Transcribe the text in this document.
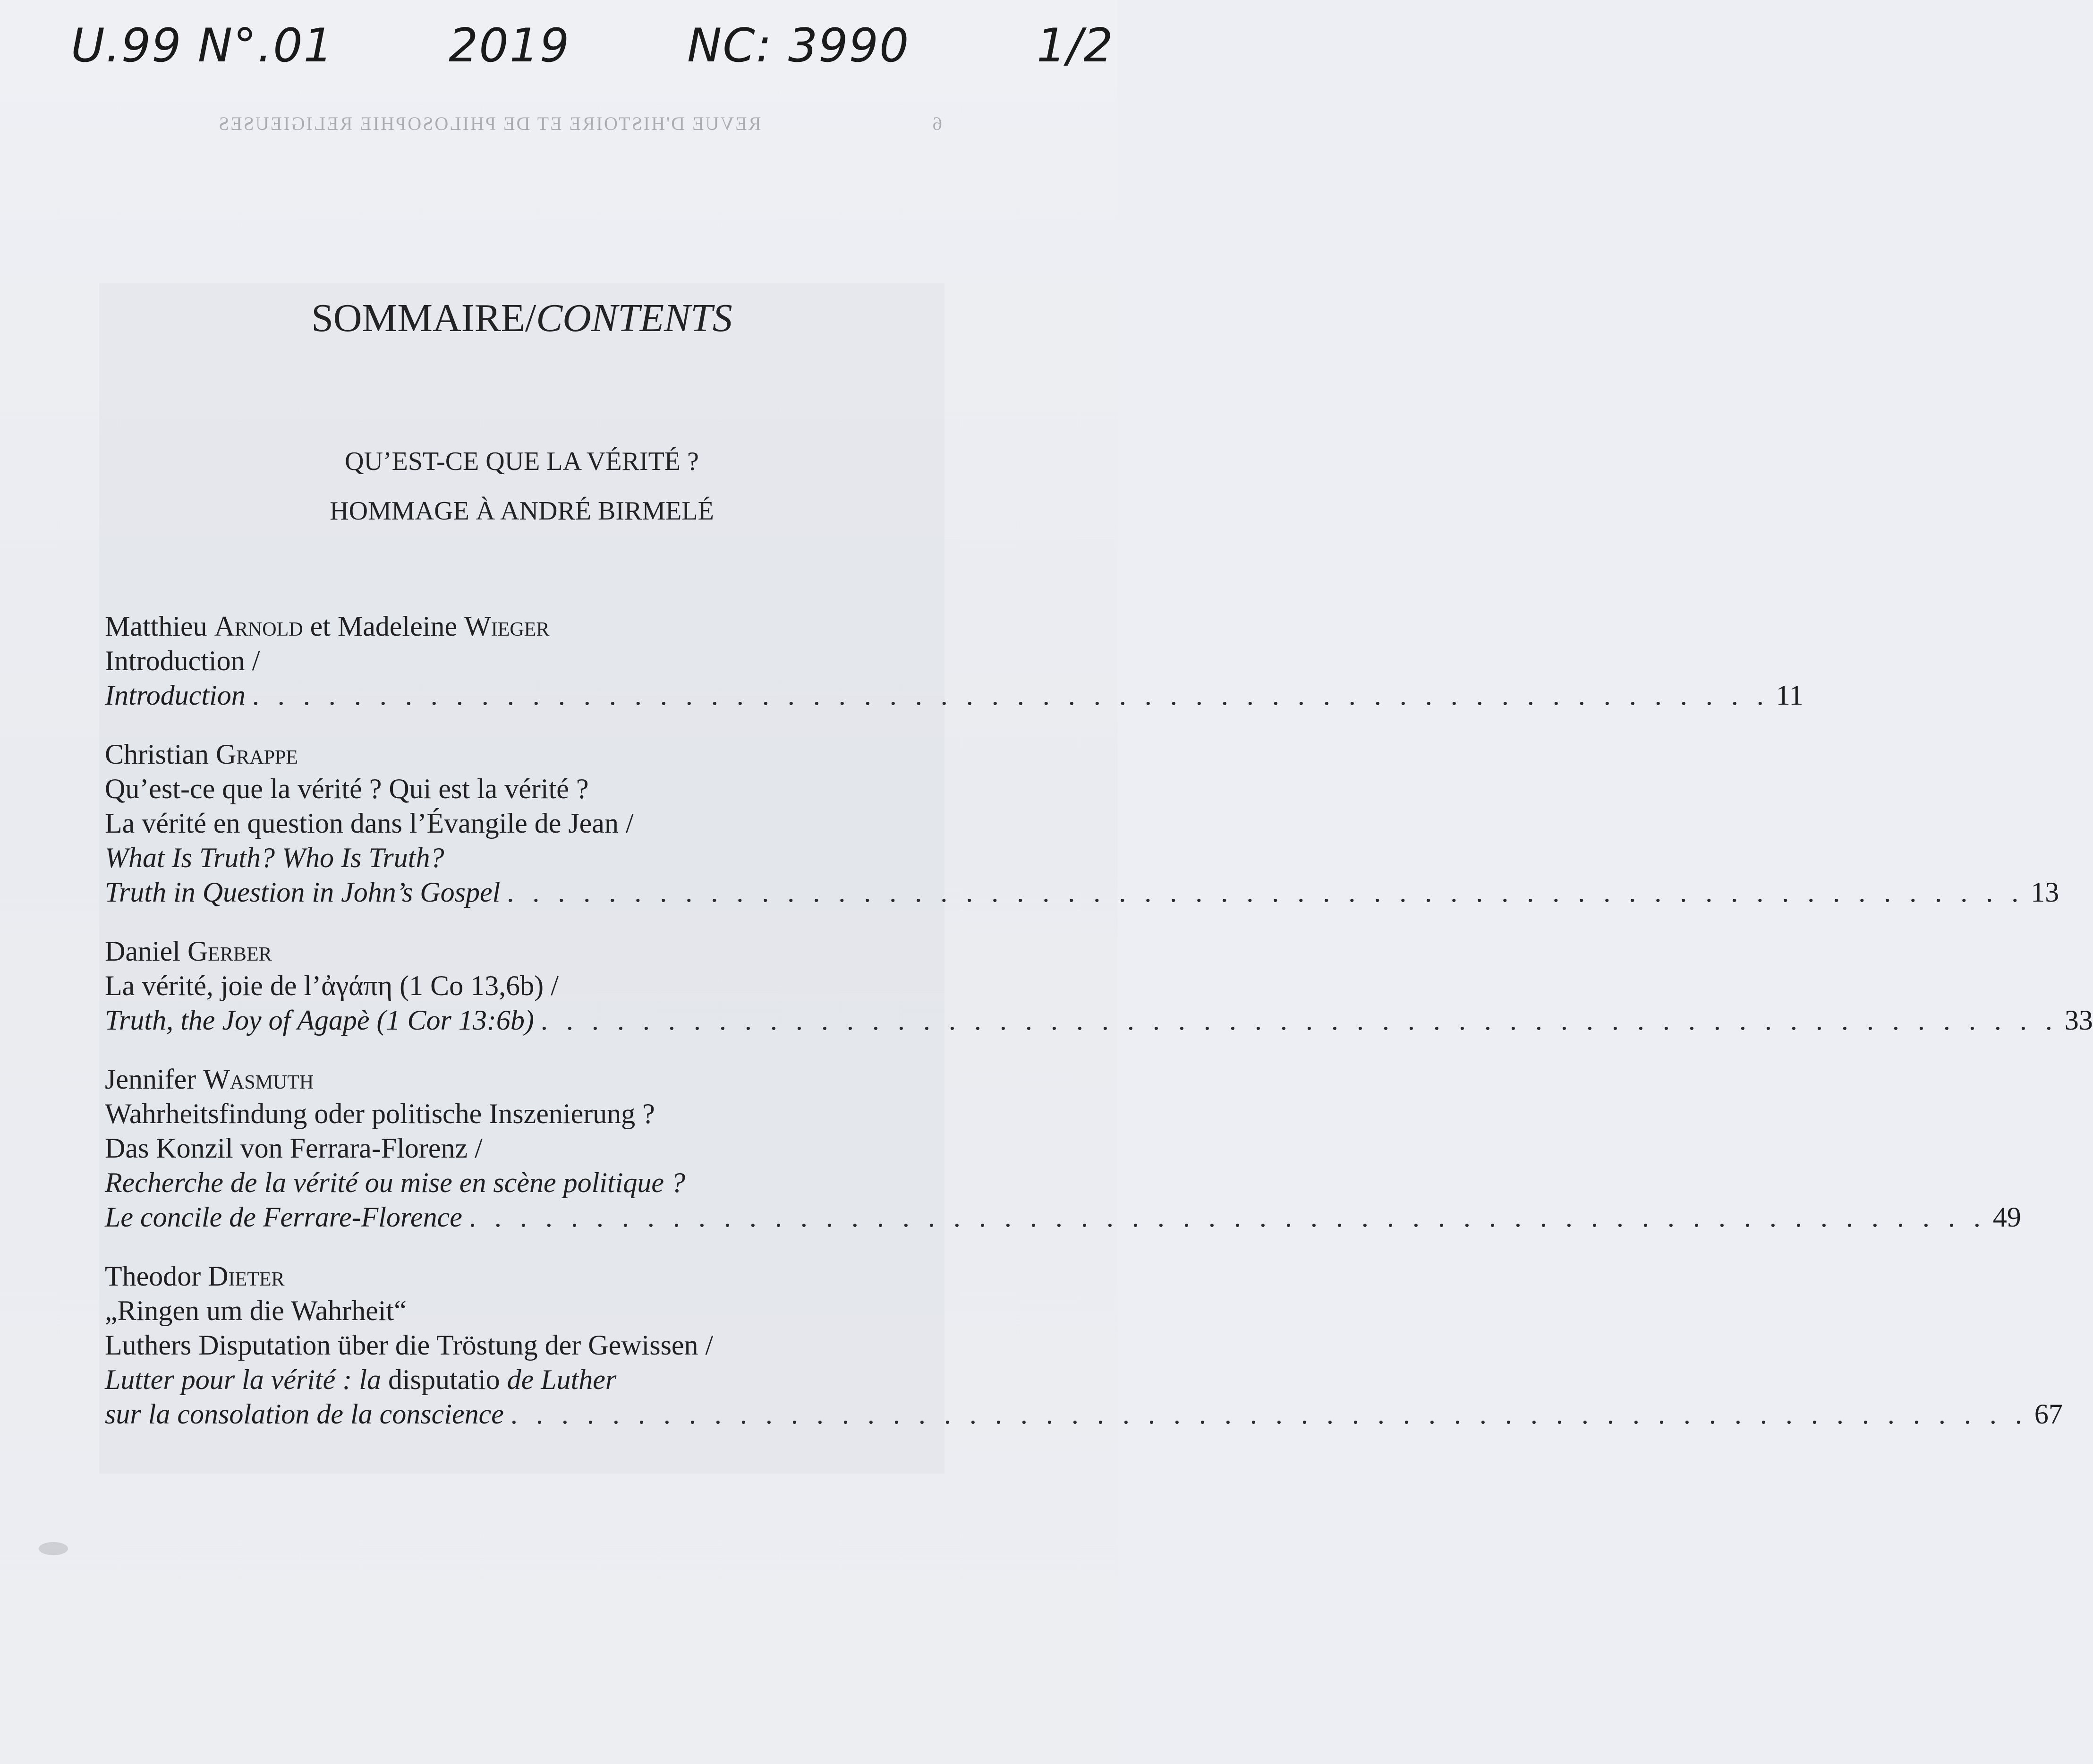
U.99 N°.01 2019	NC: 3990	1/2
REVUE D'HISTOIRE ET DE PHILOSOPHIE RELIGIEUSES	6
SOMMAIRE/CONTENTS
QU’EST-CE QUE LA VÉRITÉ ?
HOMMAGE À ANDRÉ BIRMELÉ
Matthieu Arnold et Madeleine Wieger
Introduction /
Introduction . . . . . . . . . . . . . . . . . . . . . . . . . . . . . . . . . . . . . . . . . . . . . . . . . . . . . . . . . . . . 11
Christian Grappe
Qu’est-ce que la vérité ? Qui est la vérité ?
La vérité en question dans l’Évangile de Jean /
What Is Truth? Who Is Truth?
Truth in Question in John’s Gospel . . . . . . . . . . . . . . . . . . . . . . . . . . . . . . . . . . . . . . . . . . . . . . . . . . . . . . . . . . . . 13
Daniel Gerber
La vérité, joie de l’ἀγάπη (1 Co 13,6b) /
Truth, the Joy of Agapè (1 Cor 13:6b) . . . . . . . . . . . . . . . . . . . . . . . . . . . . . . . . . . . . . . . . . . . . . . . . . . . . . . . . . . . . 33
Jennifer Wasmuth
Wahrheitsfindung oder politische Inszenierung ?
Das Konzil von Ferrara-Florenz /
Recherche de la vérité ou mise en scène politique ?
Le concile de Ferrare-Florence . . . . . . . . . . . . . . . . . . . . . . . . . . . . . . . . . . . . . . . . . . . . . . . . . . . . . . . . . . . . 49
Theodor Dieter
„Ringen um die Wahrheit“
Luthers Disputation über die Tröstung der Gewissen /
Lutter pour la vérité : la disputatio de Luther
sur la consolation de la conscience . . . . . . . . . . . . . . . . . . . . . . . . . . . . . . . . . . . . . . . . . . . . . . . . . . . . . . . . . . . . 67
